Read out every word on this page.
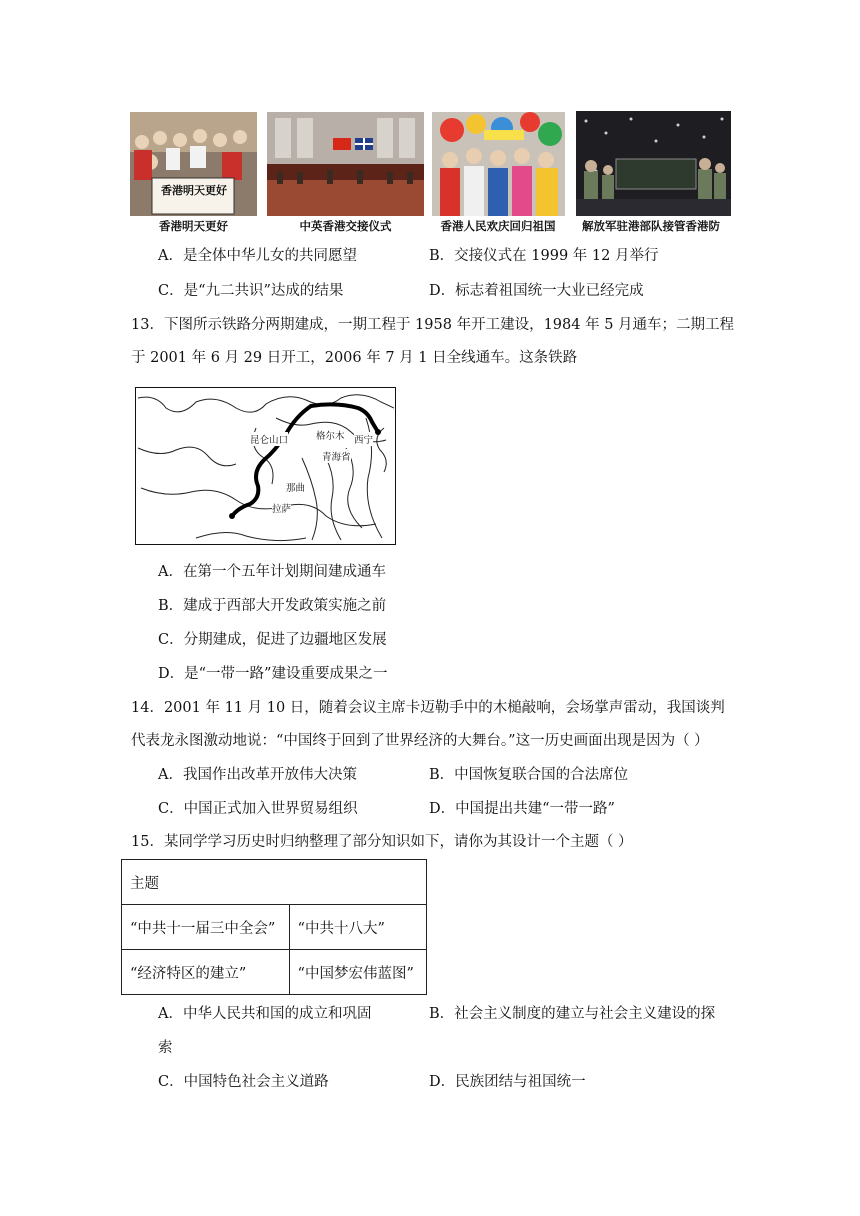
香港明天更好
香港明天更好	中英香港交接仪式	香港人民欢庆回归祖国	解放军驻港部队接管香港防
A．是全体中华儿女的共同愿望	B．交接仪式在 1999 年 12 月举行
C．是“九二共识”达成的结果	D．标志着祖国统一大业已经完成
13．下图所示铁路分两期建成，一期工程于 1958 年开工建设，1984 年 5 月通车；二期工程
于 2001 年 6 月 29 日开工，2006 年 7 月 1 日全线通车。这条铁路
昆仑山口	格尔木 西宁
青海省
那曲
拉萨
A．在第一个五年计划期间建成通车
B．建成于西部大开发政策实施之前
C．分期建成，促进了边疆地区发展
D．是“一带一路”建设重要成果之一
14．2001 年 11 月 10 日，随着会议主席卡迈勒手中的木槌敲响，会场掌声雷动，我国谈判
代表龙永图激动地说：“中国终于回到了世界经济的大舞台。”这一历史画面出现是因为（ ）
A．我国作出改革开放伟大决策	B．中国恢复联合国的合法席位
C．中国正式加入世界贸易组织	D．中国提出共建“一带一路”
15．某同学学习历史时归纳整理了部分知识如下，请你为其设计一个主题（ ）
主题	
“中共十一届三中全会”	“中共十八大”
“经济特区的建立”	“中国梦宏伟蓝图”
A．中华人民共和国的成立和巩固	B．社会主义制度的建立与社会主义建设的探
索
C．中国特色社会主义道路	D．民族团结与祖国统一
